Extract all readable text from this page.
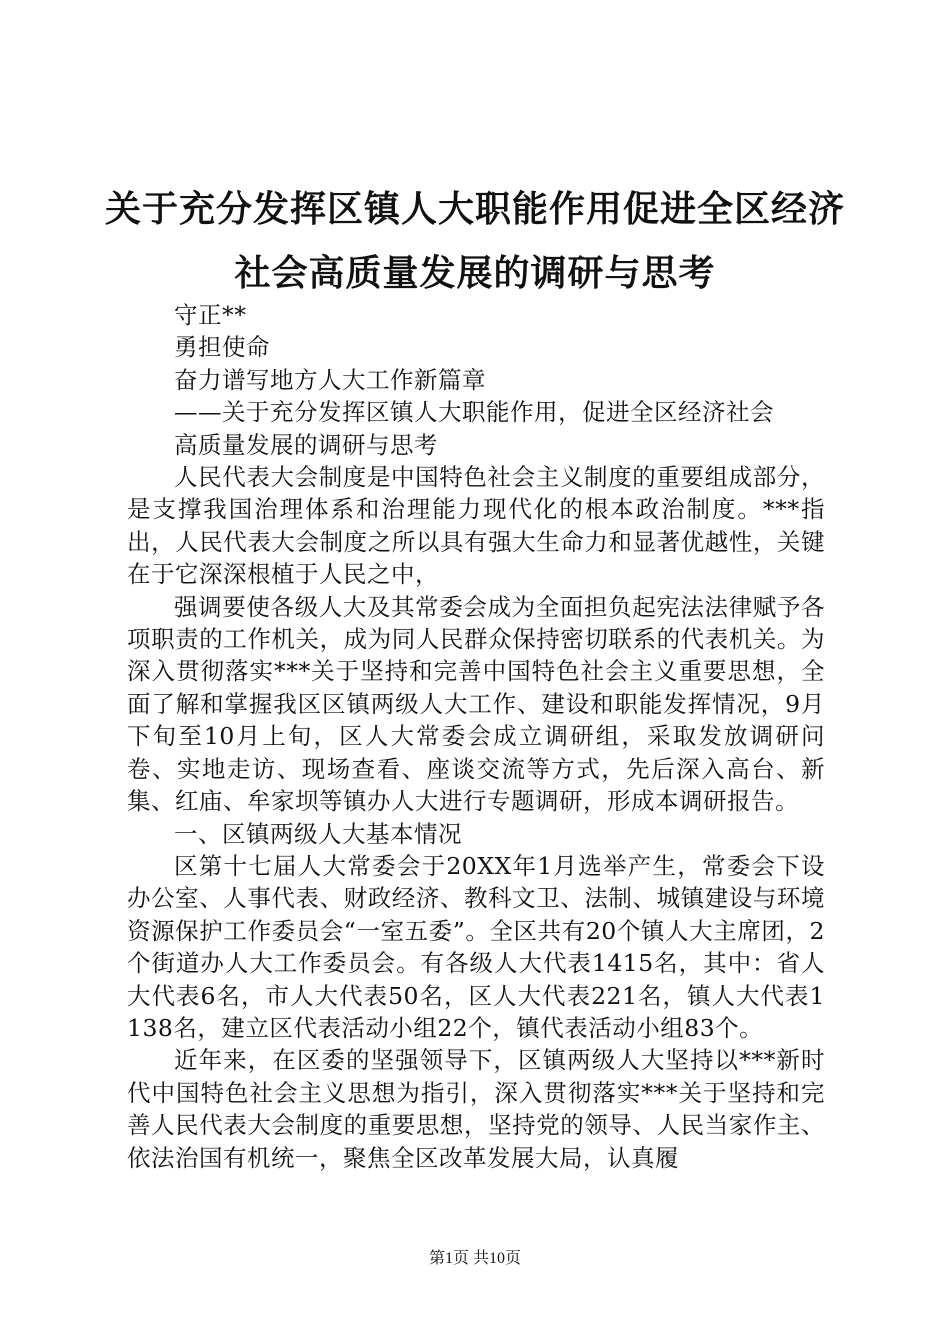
关于充分发挥区镇人大职能作用促进全区经济
社会高质量发展的调研与思考

守正**

勇担使命

奋力谱写地方人大工作新篇章

——关于充分发挥区镇人大职能作用，促进全区经济社会

高质量发展的调研与思考

人民代表大会制度是中国特色社会主义制度的重要组成部分，是支撑我国治理体系和治理能力现代化的根本政治制度。***指出，人民代表大会制度之所以具有强大生命力和显著优越性，关键在于它深深根植于人民之中，

强调要使各级人大及其常委会成为全面担负起宪法法律赋予各项职责的工作机关，成为同人民群众保持密切联系的代表机关。为深入贯彻落实***关于坚持和完善中国特色社会主义重要思想，全面了解和掌握我区区镇两级人大工作、建设和职能发挥情况，9月下旬至10月上旬，区人大常委会成立调研组，采取发放调研问卷、实地走访、现场查看、座谈交流等方式，先后深入高台、新集、红庙、牟家坝等镇办人大进行专题调研，形成本调研报告。

一、区镇两级人大基本情况

区第十七届人大常委会于20XX年1月选举产生，常委会下设办公室、人事代表、财政经济、教科文卫、法制、城镇建设与环境资源保护工作委员会“一室五委”。全区共有20个镇人大主席团，2个街道办人大工作委员会。有各级人大代表1415名，其中：省人大代表6名，市人大代表50名，区人大代表221名，镇人大代表1138名，建立区代表活动小组22个，镇代表活动小组83个。

近年来，在区委的坚强领导下，区镇两级人大坚持以***新时代中国特色社会主义思想为指引，深入贯彻落实***关于坚持和完善人民代表大会制度的重要思想，坚持党的领导、人民当家作主、依法治国有机统一，聚焦全区改革发展大局，认真履

第1页 共10页
